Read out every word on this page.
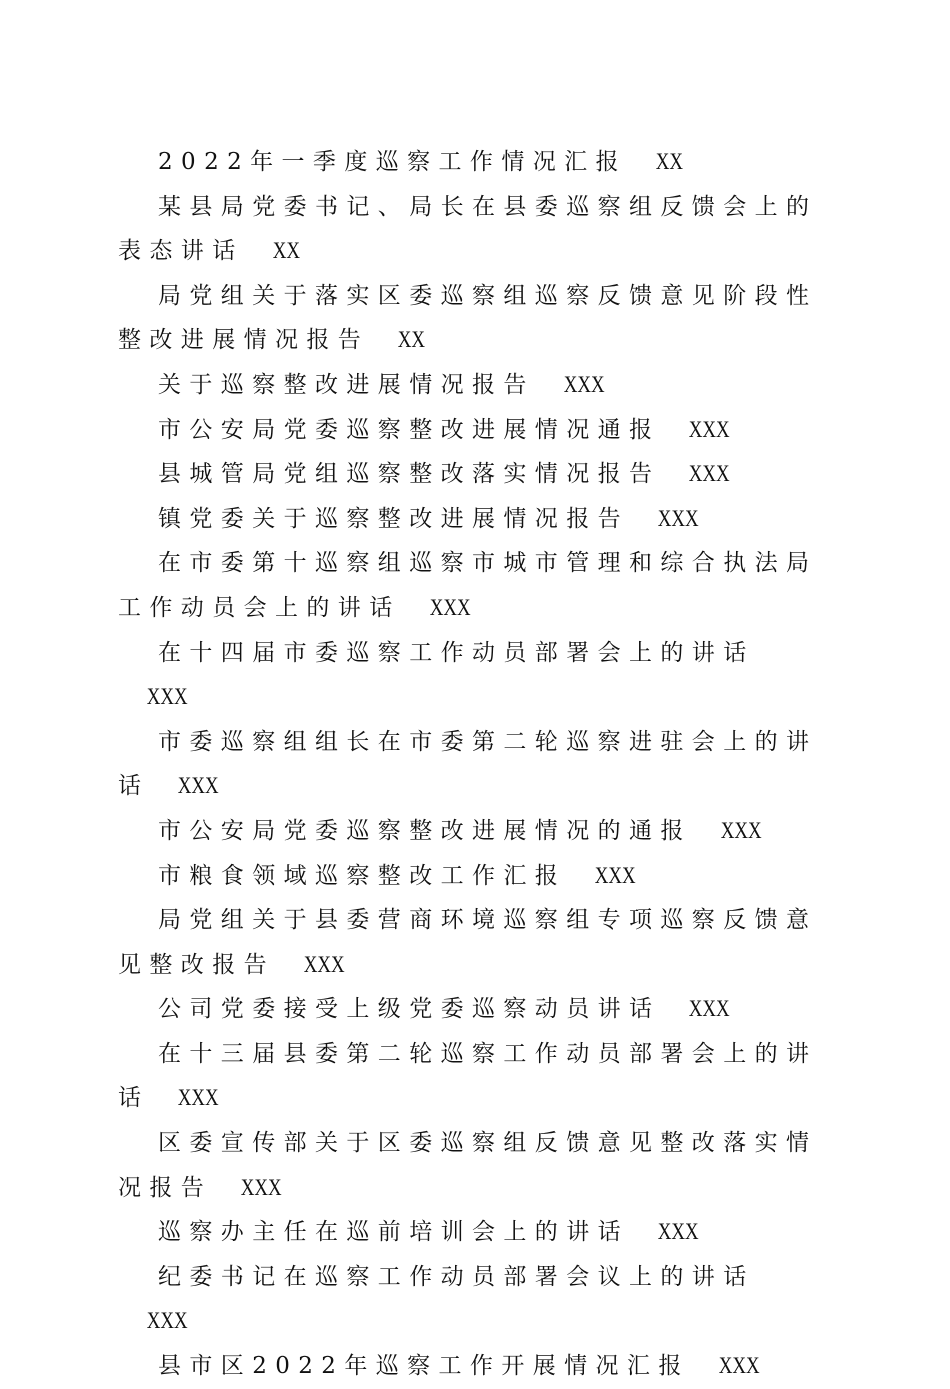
2022年一季度巡察工作情况汇报 XX

某县局党委书记、局长在县委巡察组反馈会上的表态讲话 XX

局党组关于落实区委巡察组巡察反馈意见阶段性整改进展情况报告 XX

关于巡察整改进展情况报告 XXX

市公安局党委巡察整改进展情况通报 XXX

县城管局党组巡察整改落实情况报告 XXX

镇党委关于巡察整改进展情况报告 XXX

在市委第十巡察组巡察市城市管理和综合执法局工作动员会上的讲话 XXX

在十四届市委巡察工作动员部署会上的讲话XXX

市委巡察组组长在市委第二轮巡察进驻会上的讲话 XXX

市公安局党委巡察整改进展情况的通报 XXX

市粮食领域巡察整改工作汇报 XXX

局党组关于县委营商环境巡察组专项巡察反馈意见整改报告 XXX

公司党委接受上级党委巡察动员讲话 XXX

在十三届县委第二轮巡察工作动员部署会上的讲话 XXX

区委宣传部关于区委巡察组反馈意见整改落实情况报告 XXX

巡察办主任在巡前培训会上的讲话 XXX

纪委书记在巡察工作动员部署会议上的讲话XXX

县市区2022年巡察工作开展情况汇报 XXX
